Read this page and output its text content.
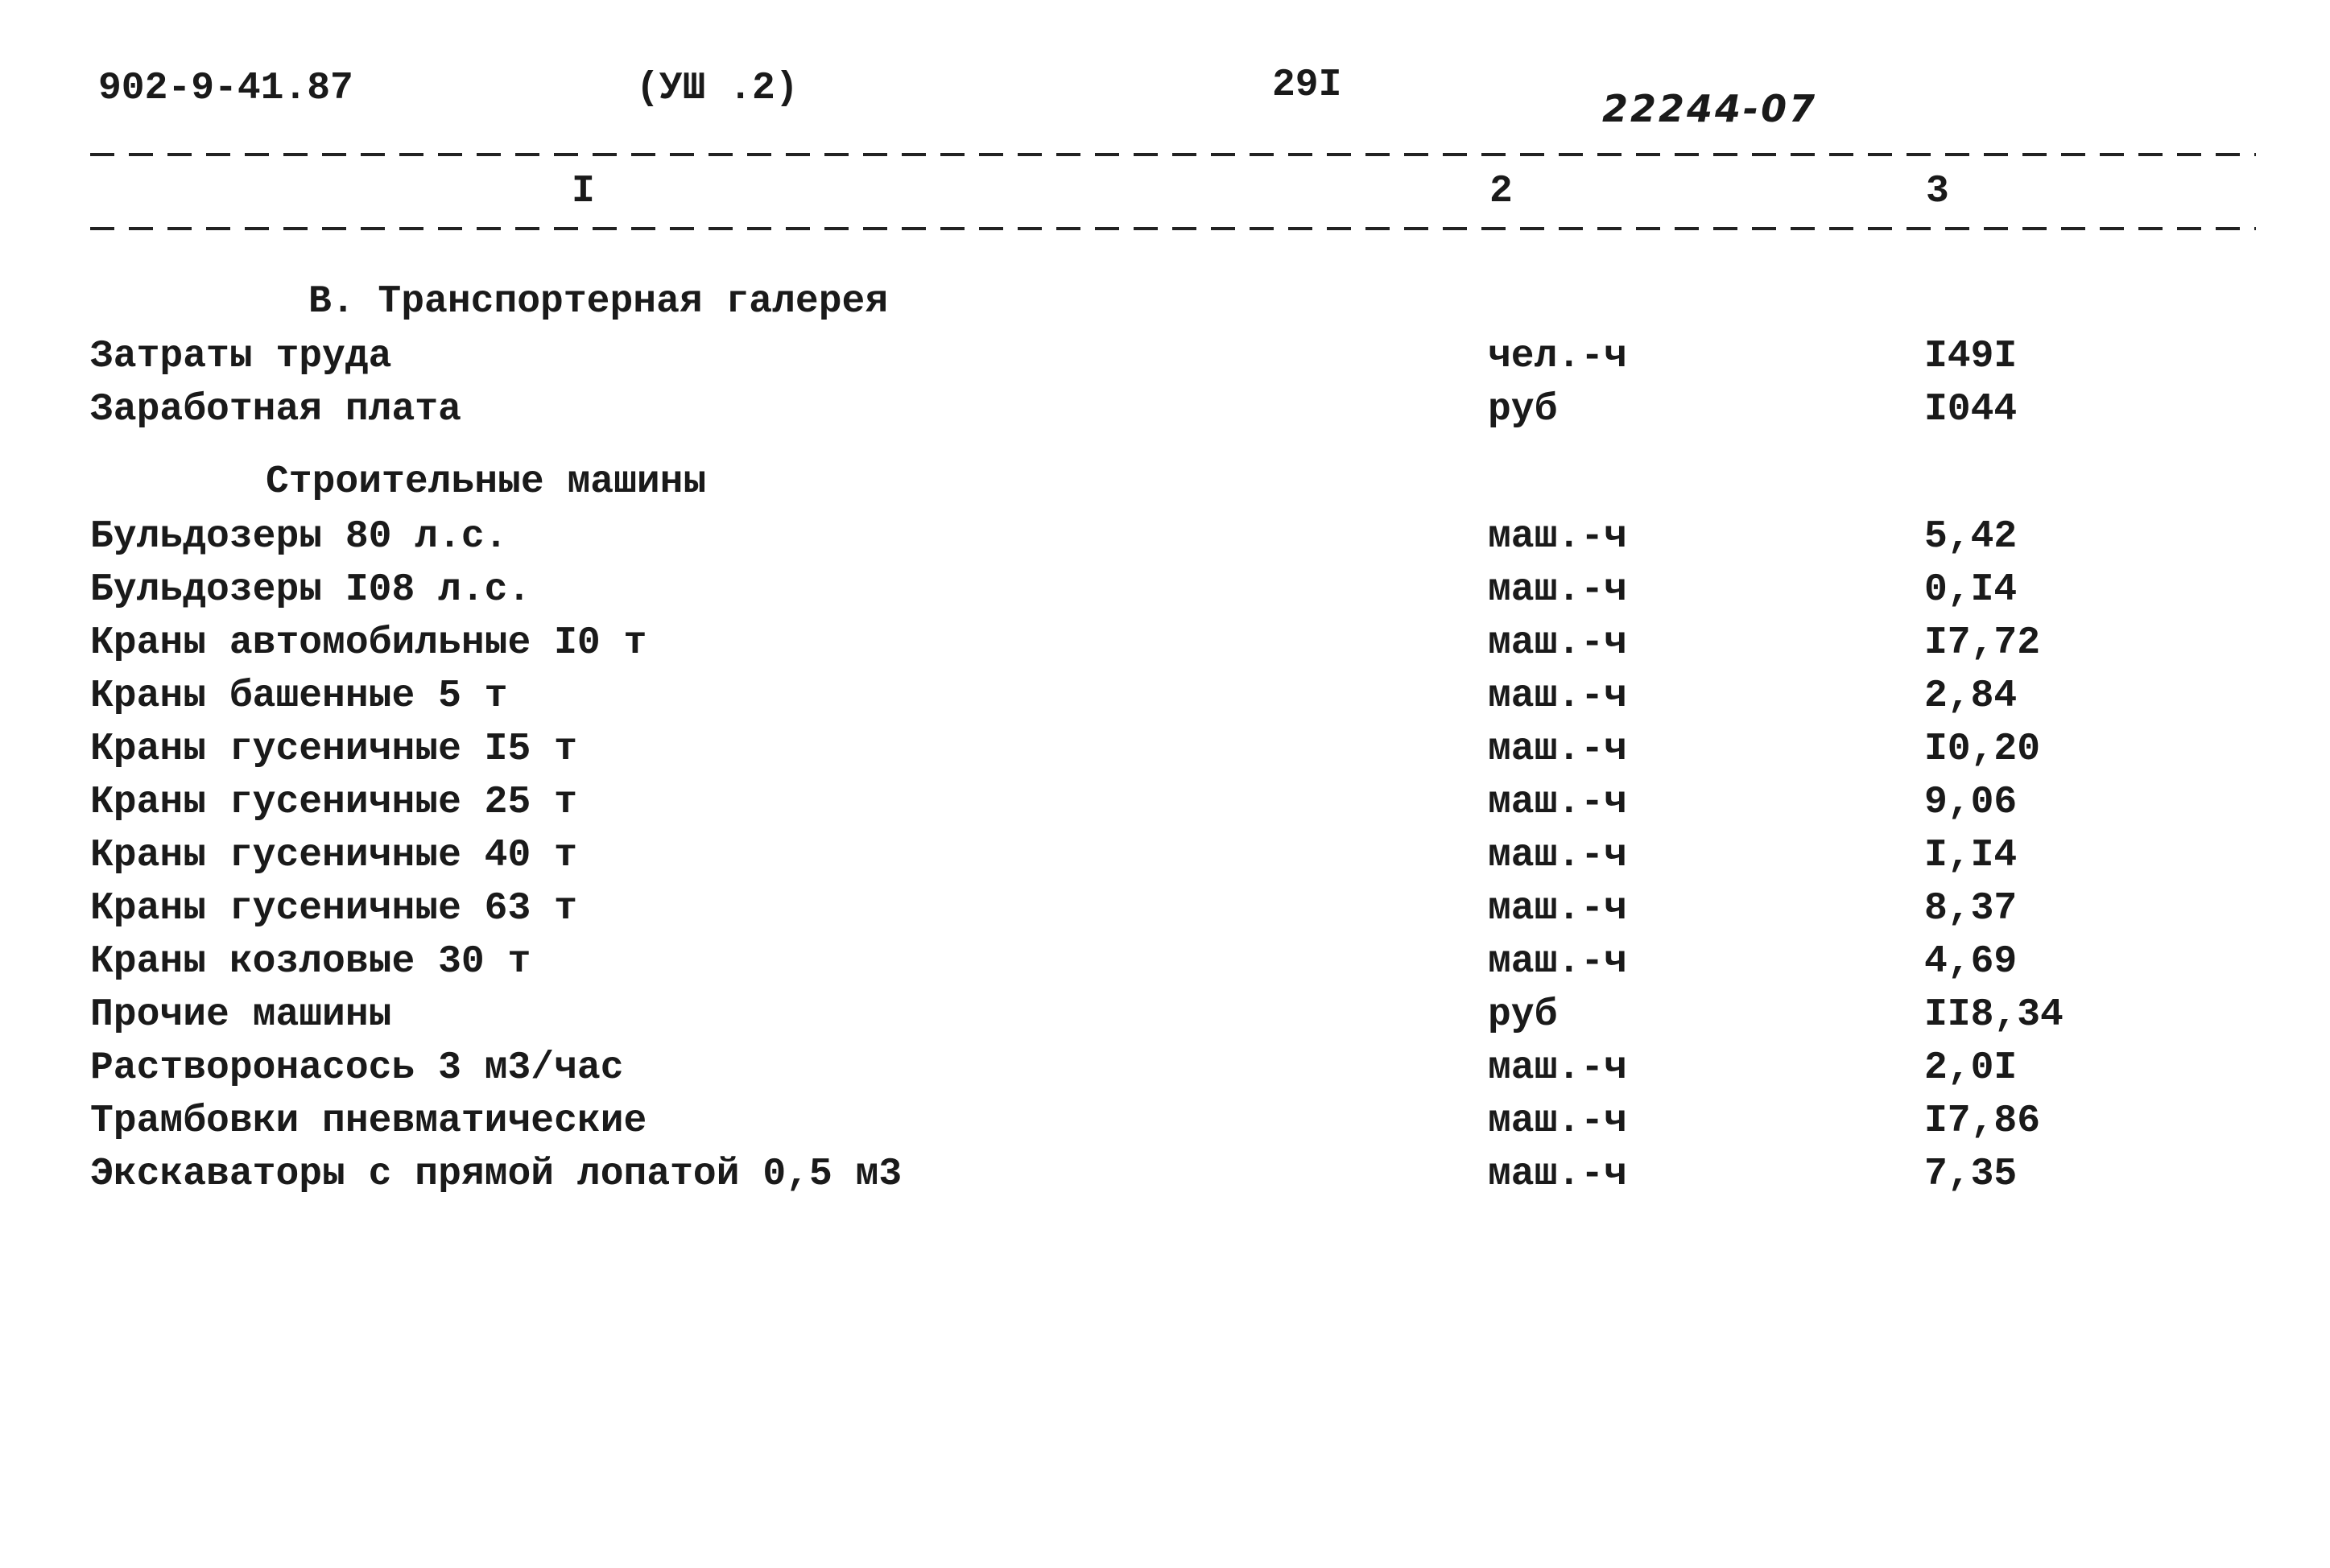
902-9-41.87	(УШ .2)	29I
22244-07
I	2	3
В. Транспортерная галерея
Затраты труда	чел.-ч	I49I
Заработная плата	руб	I044
Строительные машины
Бульдозеры 80 л.с.	маш.-ч	5,42
Бульдозеры I08 л.с.	маш.-ч	0,I4
Краны автомобильные I0 т	маш.-ч	I7,72
Краны башенные 5 т	маш.-ч	2,84
Краны гусеничные I5 т	маш.-ч	I0,20
Краны гусеничные 25 т	маш.-ч	9,06
Краны гусеничные 40 т	маш.-ч	I,I4
Краны гусеничные 63 т	маш.-ч	8,37
Краны козловые 30 т	маш.-ч	4,69
Прочие машины	руб	II8,34
Растворонасось 3 м3/час	маш.-ч	2,0I
Трамбовки пневматические	маш.-ч	I7,86
Экскаваторы с прямой лопатой 0,5 м3	маш.-ч	7,35
